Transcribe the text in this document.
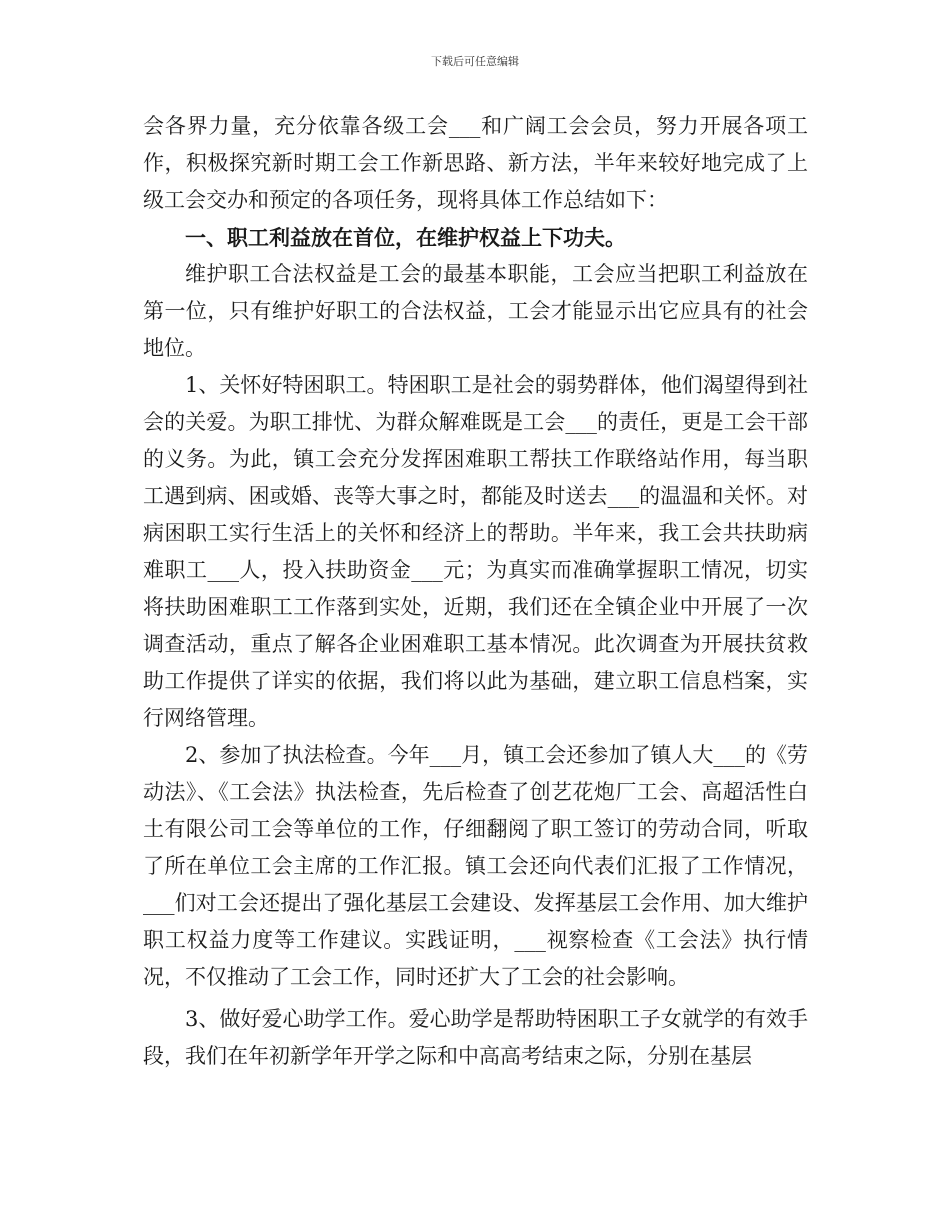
下载后可任意编辑

会各界力量，充分依靠各级工会___和广阔工会会员，努力开展各项工作，积极探究新时期工会工作新思路、新方法，半年来较好地完成了上级工会交办和预定的各项任务，现将具体工作总结如下：

一、职工利益放在首位，在维护权益上下功夫。

维护职工合法权益是工会的最基本职能，工会应当把职工利益放在第一位，只有维护好职工的合法权益，工会才能显示出它应具有的社会地位。

1、关怀好特困职工。特困职工是社会的弱势群体，他们渴望得到社会的关爱。为职工排忧、为群众解难既是工会___的责任，更是工会干部的义务。为此，镇工会充分发挥困难职工帮扶工作联络站作用，每当职工遇到病、困或婚、丧等大事之时，都能及时送去___的温温和关怀。对病困职工实行生活上的关怀和经济上的帮助。半年来，我工会共扶助病难职工___人，投入扶助资金___元；为真实而准确掌握职工情况，切实将扶助困难职工工作落到实处，近期，我们还在全镇企业中开展了一次调查活动，重点了解各企业困难职工基本情况。此次调查为开展扶贫救助工作提供了详实的依据，我们将以此为基础，建立职工信息档案，实行网络管理。

2、参加了执法检查。今年___月，镇工会还参加了镇人大___的《劳动法》、《工会法》执法检查，先后检查了创艺花炮厂工会、高超活性白土有限公司工会等单位的工作，仔细翻阅了职工签订的劳动合同，听取了所在单位工会主席的工作汇报。镇工会还向代表们汇报了工作情况，___们对工会还提出了强化基层工会建设、发挥基层工会作用、加大维护职工权益力度等工作建议。实践证明，___视察检查《工会法》执行情况，不仅推动了工会工作，同时还扩大了工会的社会影响。

3、做好爱心助学工作。爱心助学是帮助特困职工子女就学的有效手段，我们在年初新学年开学之际和中高高考结束之际，分别在基层
